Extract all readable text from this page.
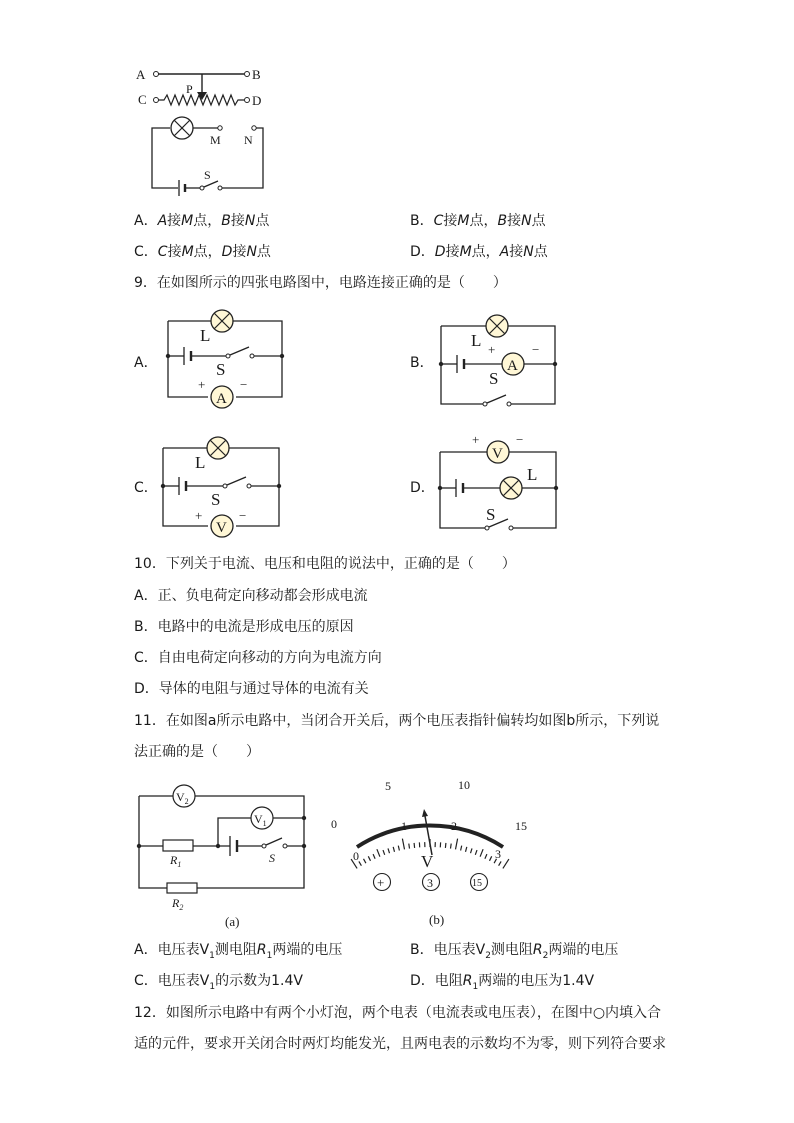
A	B
P
C	D
M N
S
A．A接M点，B接N点	B．C接M点，B接N点
C．C接M点，D接N点	D．D接M点，A接N点
9．在如图所示的四张电路图中，电路连接正确的是（　　）
A．
L
S
A
+	−
B．
L
A
+	−
S
C．
L
S
V
+	−
D．
V
+	−
L
S
10．下列关于电流、电压和电阻的说法中，正确的是（　　）
A．正、负电荷定向移动都会形成电流
B．电路中的电流是形成电压的原因
C．自由电荷定向移动的方向为电流方向
D．导体的电阻与通过导体的电流有关
11．在如图a所示电路中，当闭合开关后，两个电压表指针偏转均如图b所示，下列说
法正确的是（　　）
$V_2$
$R_1$	S
$V_1$
$R_2$
(a)
0
5	10
15
0
1	2
3
V
+	3	15
(b)
A．电压表$V_1$测电阻$R_1$两端的电压	B．电压表$V_2$测电阻$R_2$两端的电压
C．电压表$V_1$的示数为1.4V	D．电阻$R_1$两端的电压为1.4V
12．如图所示电路中有两个小灯泡，两个电表（电流表或电压表），在图中○内填入合
适的元件，要求开关闭合时两灯均能发光，且两电表的示数均不为零，则下列符合要求
